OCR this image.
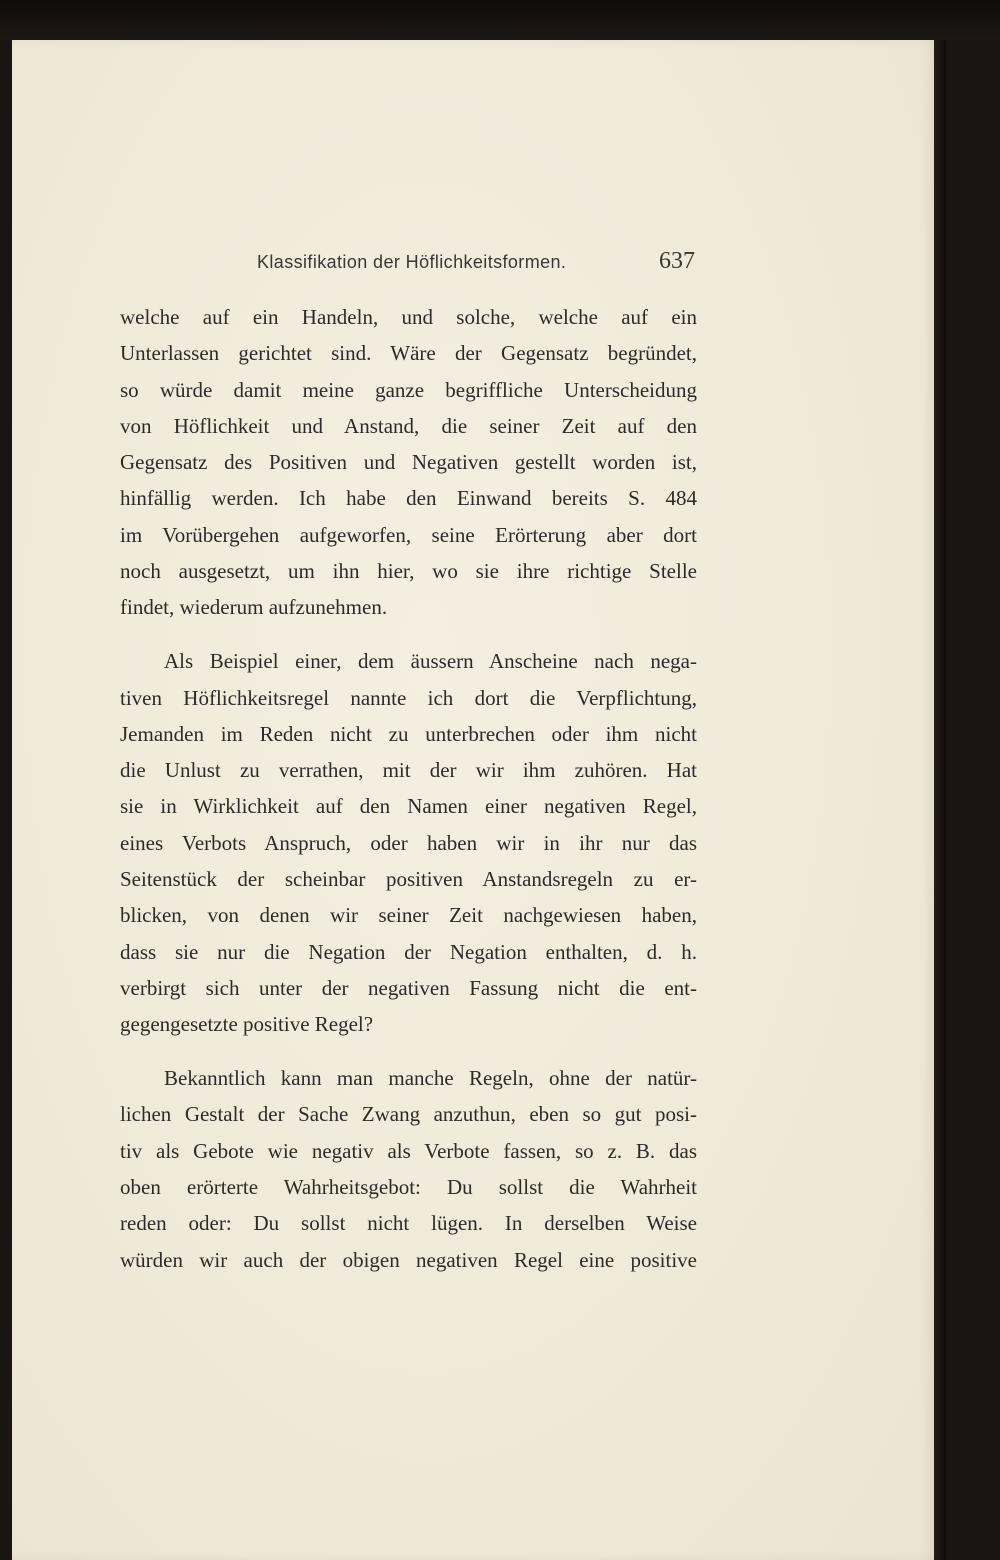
Klassifikation der Höflichkeitsformen.	637
welche auf ein Handeln, und solche, welche auf ein
Unterlassen gerichtet sind. Wäre der Gegensatz begründet,
so würde damit meine ganze begriffliche Unterscheidung
von Höflichkeit und Anstand, die seiner Zeit auf den
Gegensatz des Positiven und Negativen gestellt worden ist,
hinfällig werden. Ich habe den Einwand bereits S. 484
im Vorübergehen aufgeworfen, seine Erörterung aber dort
noch ausgesetzt, um ihn hier, wo sie ihre richtige Stelle
findet, wiederum aufzunehmen.
Als Beispiel einer, dem äussern Anscheine nach nega-
tiven Höflichkeitsregel nannte ich dort die Verpflichtung,
Jemanden im Reden nicht zu unterbrechen oder ihm nicht
die Unlust zu verrathen, mit der wir ihm zuhören. Hat
sie in Wirklichkeit auf den Namen einer negativen Regel,
eines Verbots Anspruch, oder haben wir in ihr nur das
Seitenstück der scheinbar positiven Anstandsregeln zu er-
blicken, von denen wir seiner Zeit nachgewiesen haben,
dass sie nur die Negation der Negation enthalten, d. h.
verbirgt sich unter der negativen Fassung nicht die ent-
gegengesetzte positive Regel?
Bekanntlich kann man manche Regeln, ohne der natür-
lichen Gestalt der Sache Zwang anzuthun, eben so gut posi-
tiv als Gebote wie negativ als Verbote fassen, so z. B. das
oben erörterte Wahrheitsgebot: Du sollst die Wahrheit
reden oder: Du sollst nicht lügen. In derselben Weise
würden wir auch der obigen negativen Regel eine positive
